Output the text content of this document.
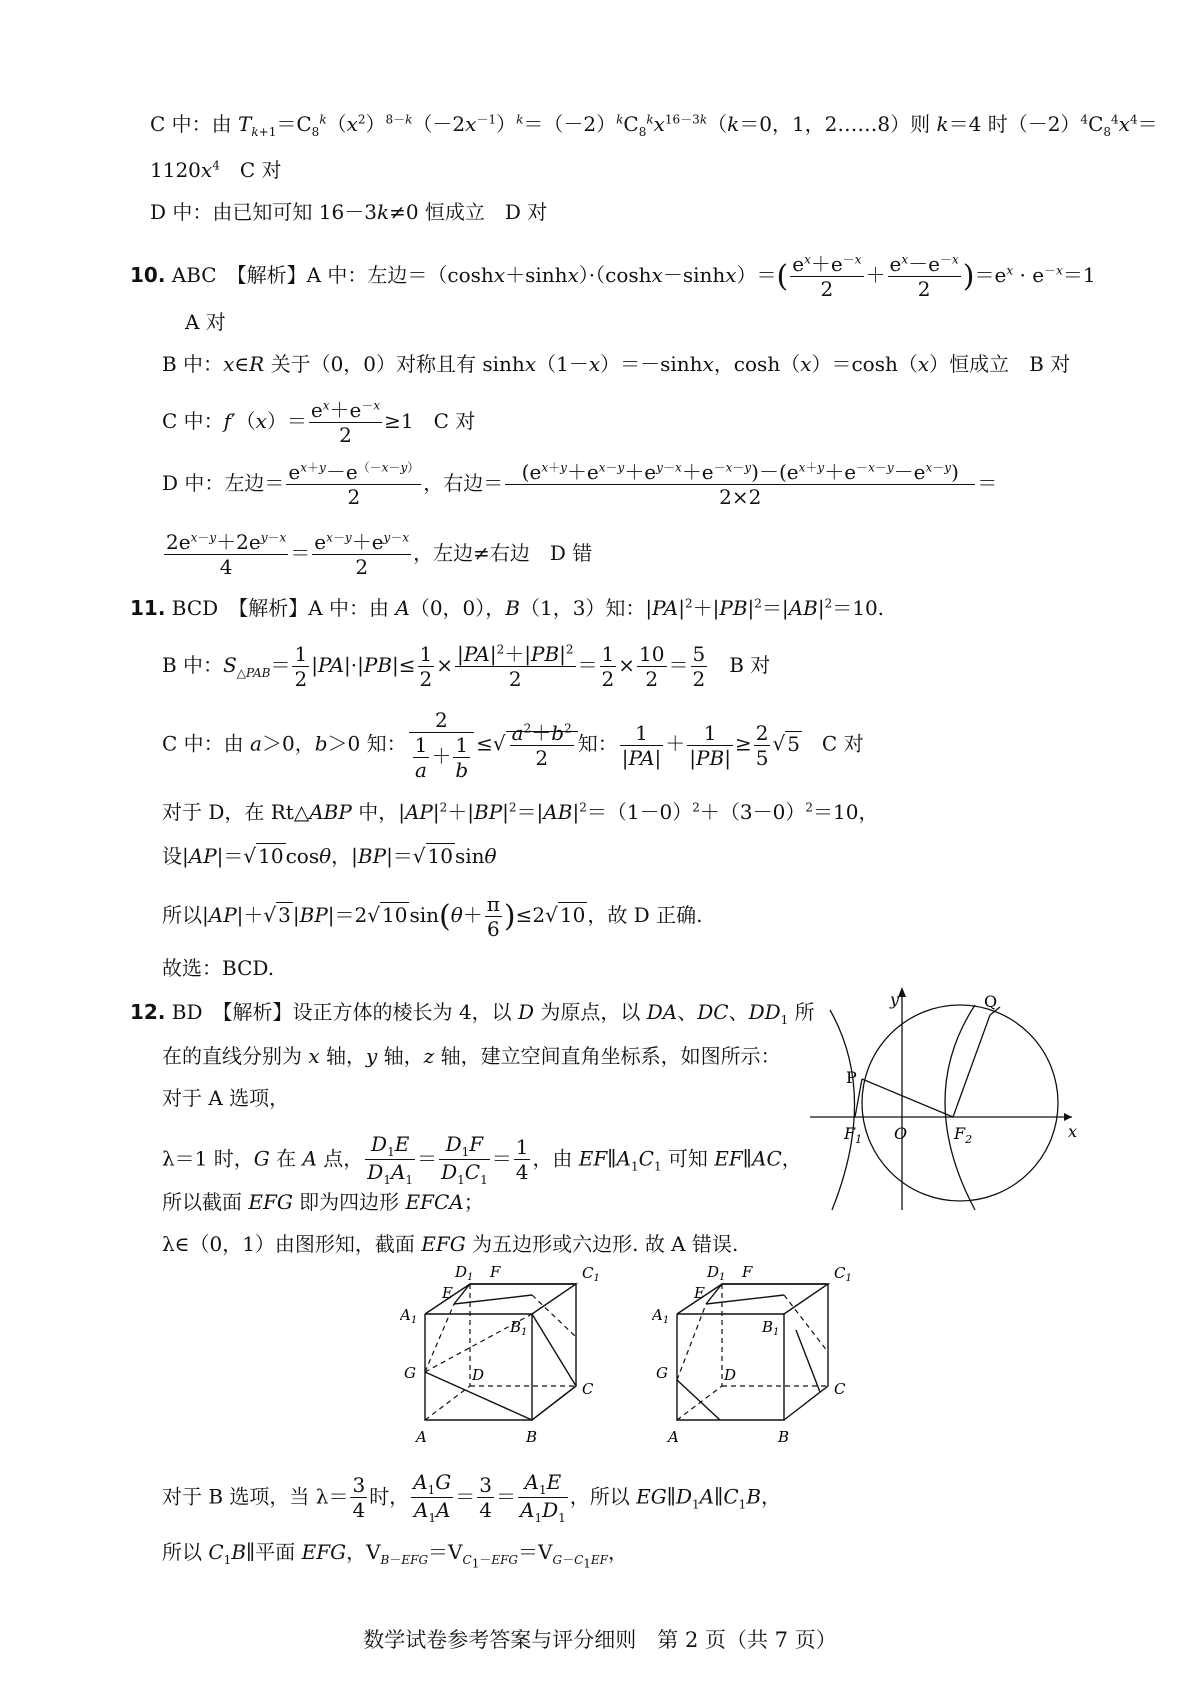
C 中：由 $T_{k+1}=C_8^k(x^2)^{8-k}(-2x^{-1})^k=(-2)^kC_8^kx^{16-3k}(k=0$，1，2……8）则 k＝4 时$(-2)^4C_8^4x^4=$
$1120x^4$　C 对
D 中：由已知可知 16－3k≠0 恒成立　D 对
10. ABC　 【解析】A 中：左边$=(\cosh x+\sinh x)\cdot(\cosh x-\sinh x)=( \frac{e^x+e^{-x}}{2} + \frac{e^x-e^{-x}}{2} )=e^x \cdot e^{-x}=1$
A 对
B 中：x∈R 关于（0，0）对称且有 sinhx（1－x）＝－sinhx，cosh（x）＝cosh（x）恒成立　B 对
C 中：$f'(x)= \frac{e^x+e^{-x}}{2} \ge 1$　C 对
D 中：左边＝ $\frac{e^{x+y}-e^{(-x-y)}}{2}$ ，右边＝ $\frac{(e^{x+y}+e^{x-y}+e^{y-x}+e^{-x-y})-(e^{x+y}+e^{-x-y}-e^{x-y})}{2\times 2}$ ＝
$\frac{2e^{x-y}+2e^{y-x}}{4} = \frac{e^{x-y}+e^{y-x}}{2}$ ，左边≠右边　D 错
11. BCD　 【解析】A 中：由 A（0，0），B（1，3）知：$|PA|^2+|PB|^2=|AB|^2=10$.
B 中：$S_{\triangle PAB}= \frac{1}{2} |PA|\cdot|PB|\le \frac{1}{2} \times \frac{|PA|^2+|PB|^2}{2} = \frac{1}{2} \times \frac{10}{2} = \frac{5}{2}$ 　B 对
C 中：由 a＞0，b＞0 知： $\frac{2}{\frac{1}{a} + \frac{1}{b}}$ ≤√ $\frac{a^2+b^2}{2}$ 知： $\frac{1}{|PA|} + \frac{1}{|PB|} \ge \frac{2}{5}$ √ 5　C 对
对于 D，在 Rt△ABP 中，$|AP|^2+|BP|^2=|AB|^2=(1-0)^2+(3-0)^2=10$，
设|AP|＝√ 10 cosθ，|BP|＝√ 10 sinθ
所以|AP|＋√ 3 |BP|＝2√ 10 $\sin(\theta+ \frac{\pi}{6} )\le 2√$ 10 ，故 D 正确.
故选：BCD.
12. BD　 【解析】设正方体的棱长为 4，以 D 为原点，以 DA、DC、$DD_1$ 所
在的直线分别为 x 轴，y 轴，z 轴，建立空间直角坐标系，如图所示：
对于 A 选项，
λ＝1 时，G 在 A 点， $\frac{D_1E}{D_1A_1} = \frac{D_1F}{D_1C_1} = \frac{1}{4}$ ，由 $EF\parallel A_1C_1$ 可知 EF∥AC，
所以截面 EFG 即为四边形 EFCA；
λ∈（0，1）由图形知，截面 EFG 为五边形或六边形. 故 A 错误.
y
x
Q
P
$F_1$ O	$F_2$
$D_1$ F	$C_1$
E
$A_1$	$B_1$
G	D
C
A	B
$D_1$ F	$C_1$
E
$A_1$	$B_1$
G	D
C
A	B
对于 B 选项，当 $\lambda= \frac{3}{4}$ 时， $\frac{A_1G}{A_1A} = \frac{3}{4} = \frac{A_1E}{A_1D_1}$ ，所以 $EG\parallel D_1A\parallel C_1B$，
所以 $C_1B\parallel$平面 EFG，$V_{B-EFG}=V_{C_1-EFG}=V_{G-C_1EF}$，
数学试卷参考答案与评分细则　第 2 页（共 7 页）
